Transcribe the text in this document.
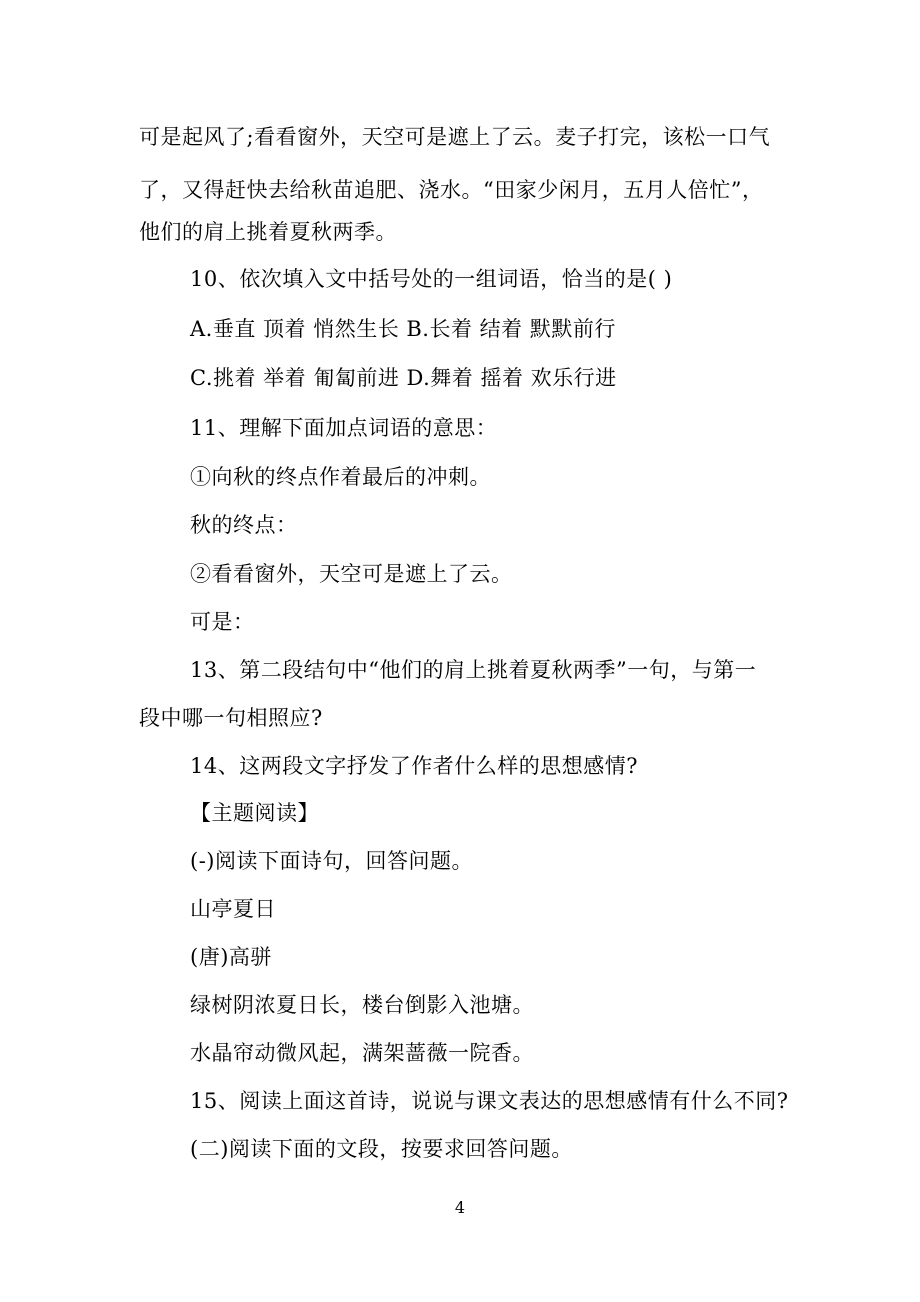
可是起风了;看看窗外，天空可是遮上了云。麦子打完，该松一口气
了，又得赶快去给秋苗追肥、浇水。“田家少闲月，五月人倍忙”，
他们的肩上挑着夏秋两季。
10、依次填入文中括号处的一组词语，恰当的是( )
A.垂直 顶着 悄然生长 B.长着 结着 默默前行
C.挑着 举着 匍匐前进 D.舞着 摇着 欢乐行进
11、理解下面加点词语的意思：
①向秋的终点作着最后的冲刺。
秋的终点：
②看看窗外，天空可是遮上了云。
可是：
13、第二段结句中“他们的肩上挑着夏秋两季”一句，与第一
段中哪一句相照应?
14、这两段文字抒发了作者什么样的思想感情?
【主题阅读】
(-)阅读下面诗句，回答问题。
山亭夏日
(唐)高骈
绿树阴浓夏日长，楼台倒影入池塘。
水晶帘动微风起，满架蔷薇一院香。
15、阅读上面这首诗，说说与课文表达的思想感情有什么不同?
(二)阅读下面的文段，按要求回答问题。
4
